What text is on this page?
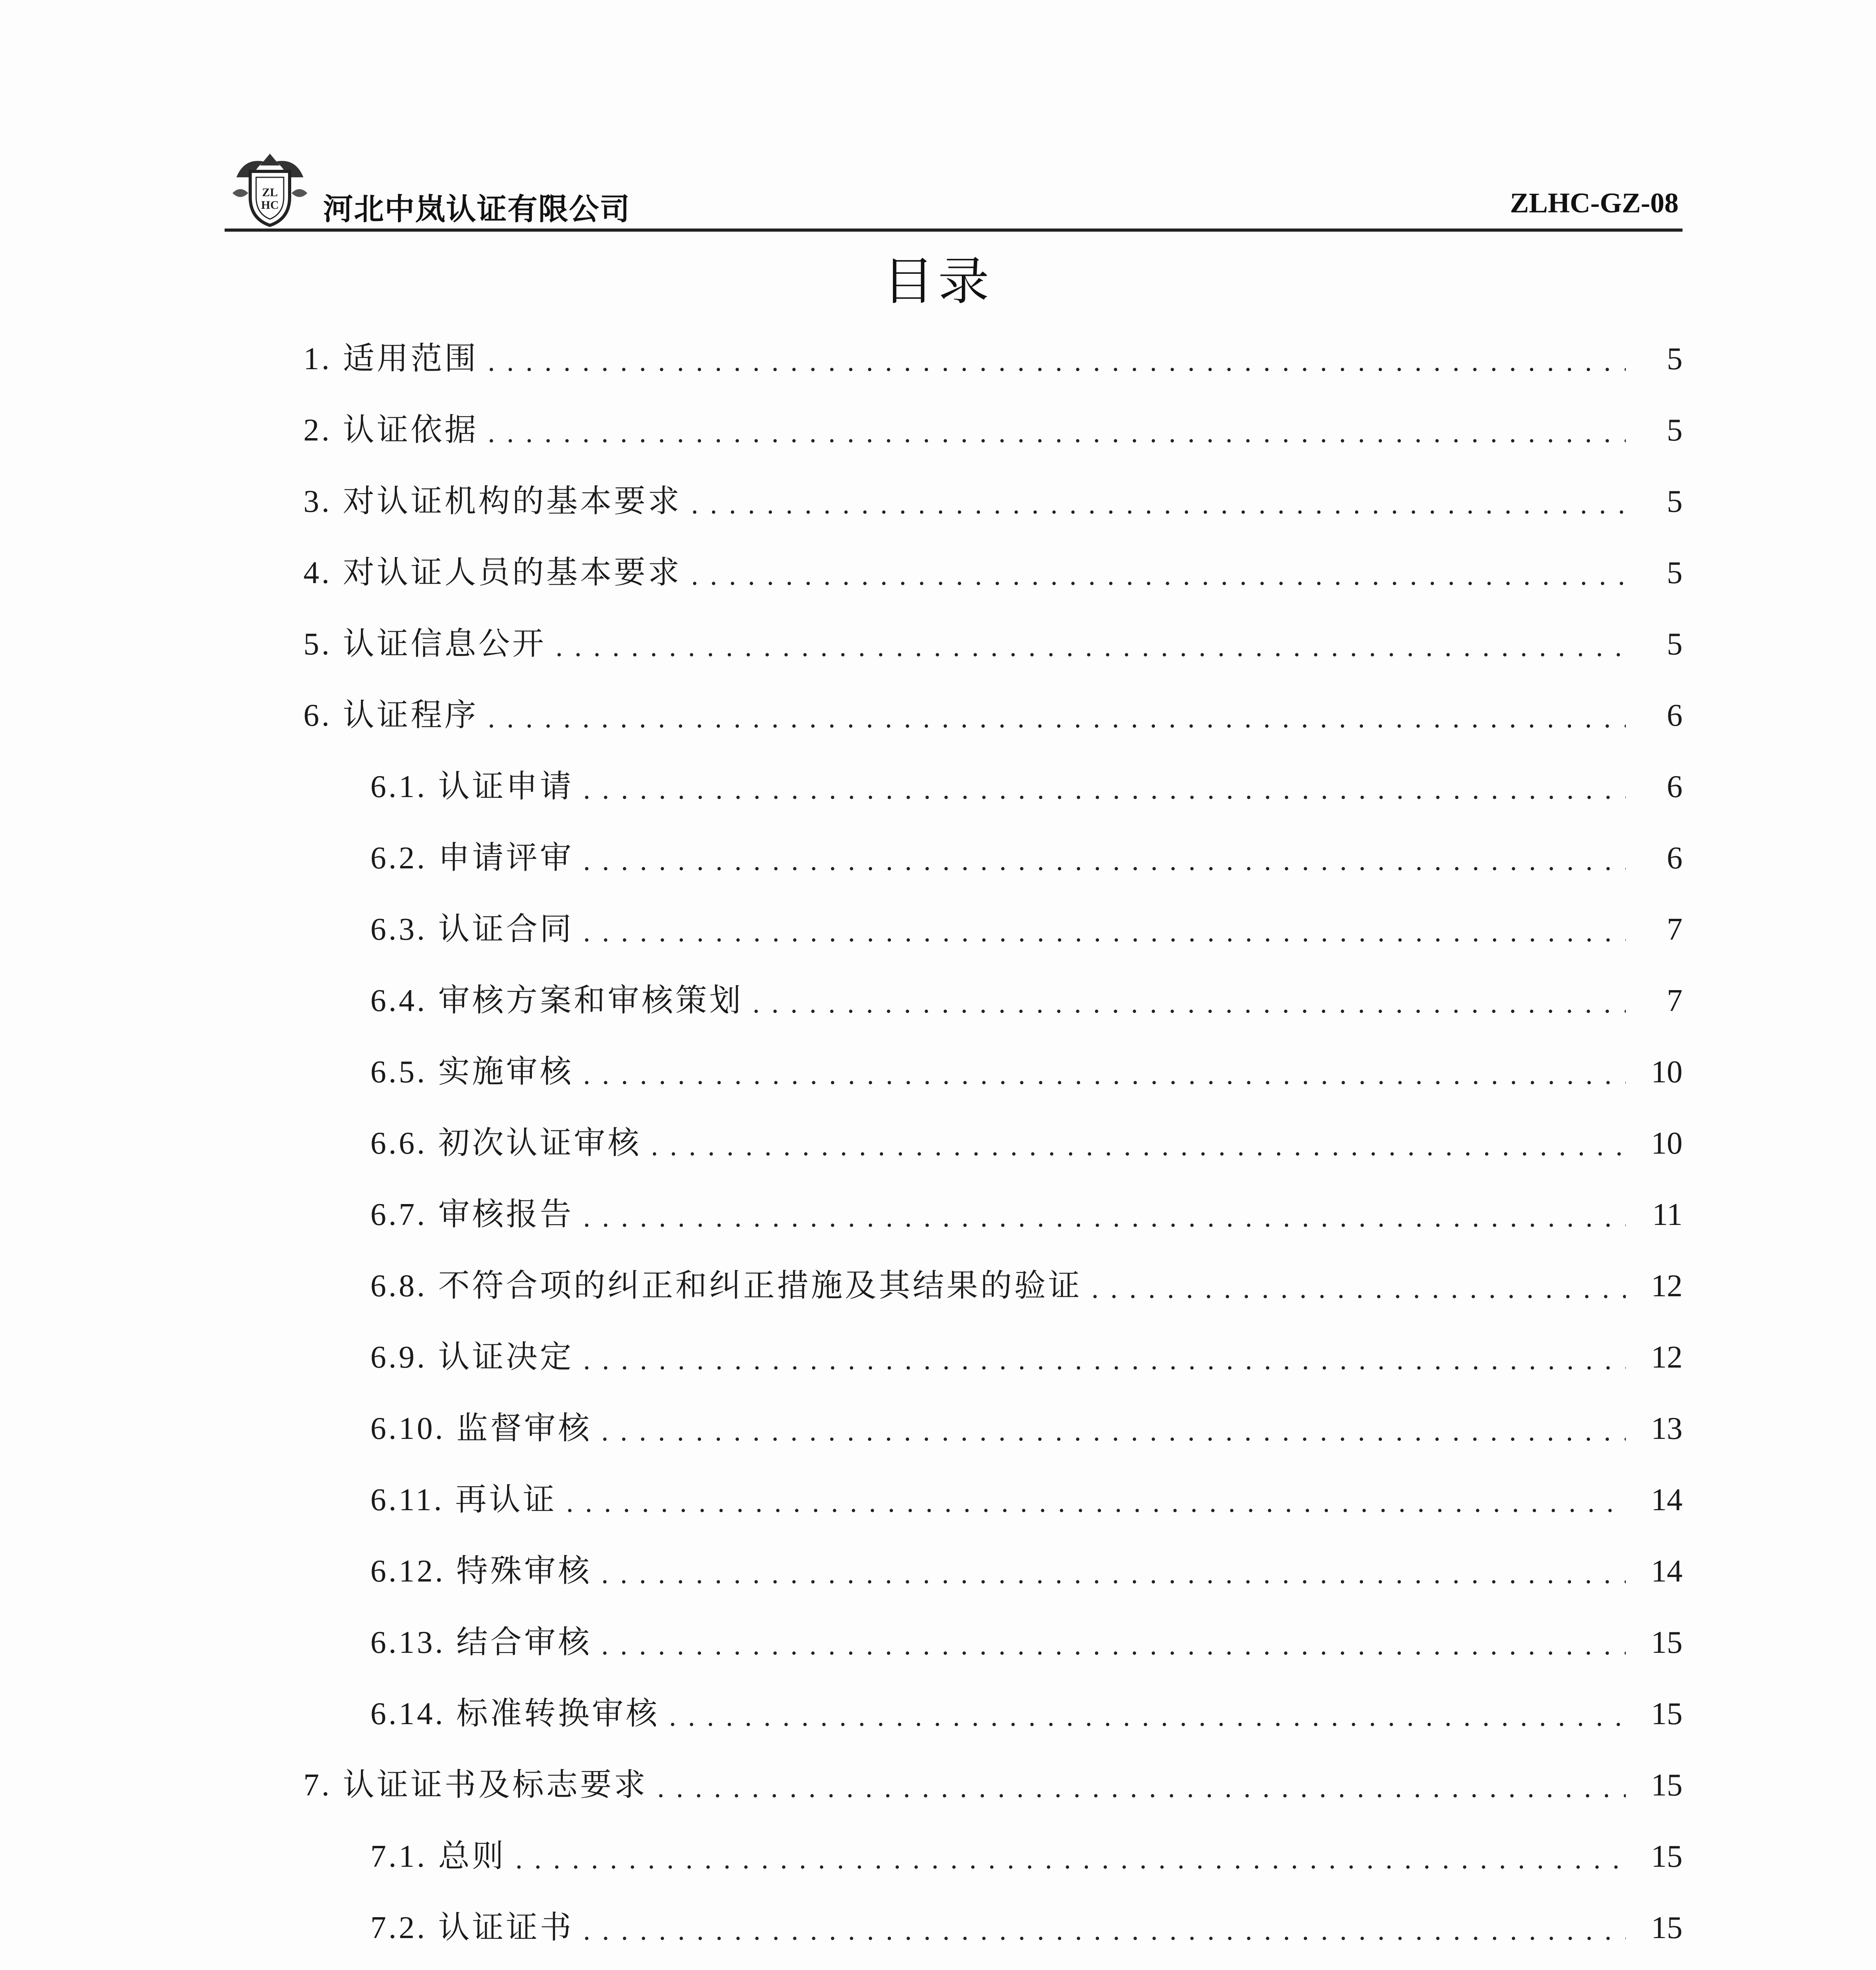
ZL
HC 河北中岚认证有限公司	ZLHC-GZ-08
目录
1. 适用范围 . . .	5
2. 认证依据 . . .	5
3. 对认证机构的基本要求 . . .	5
4. 对认证人员的基本要求 . . .	5
5. 认证信息公开 . . .	5
6. 认证程序 . . .	6
6.1. 认证申请 . . .	6
6.2. 申请评审 . . .	6
6.3. 认证合同 . . .	7
6.4. 审核方案和审核策划 . . .	7
6.5. 实施审核 . . .	10
6.6. 初次认证审核 . . .	10
6.7. 审核报告 . . .	11
6.8. 不符合项的纠正和纠正措施及其结果的验证 . . .	12
6.9. 认证决定 . . .	12
6.10. 监督审核 . . .	13
6.11. 再认证 . . .	14
6.12. 特殊审核 . . .	14
6.13. 结合审核 . . .	15
6.14. 标准转换审核 . . .	15
7. 认证证书及标志要求 . . .	15
7.1. 总则 . . .	15
7.2. 认证证书 . . .	15
